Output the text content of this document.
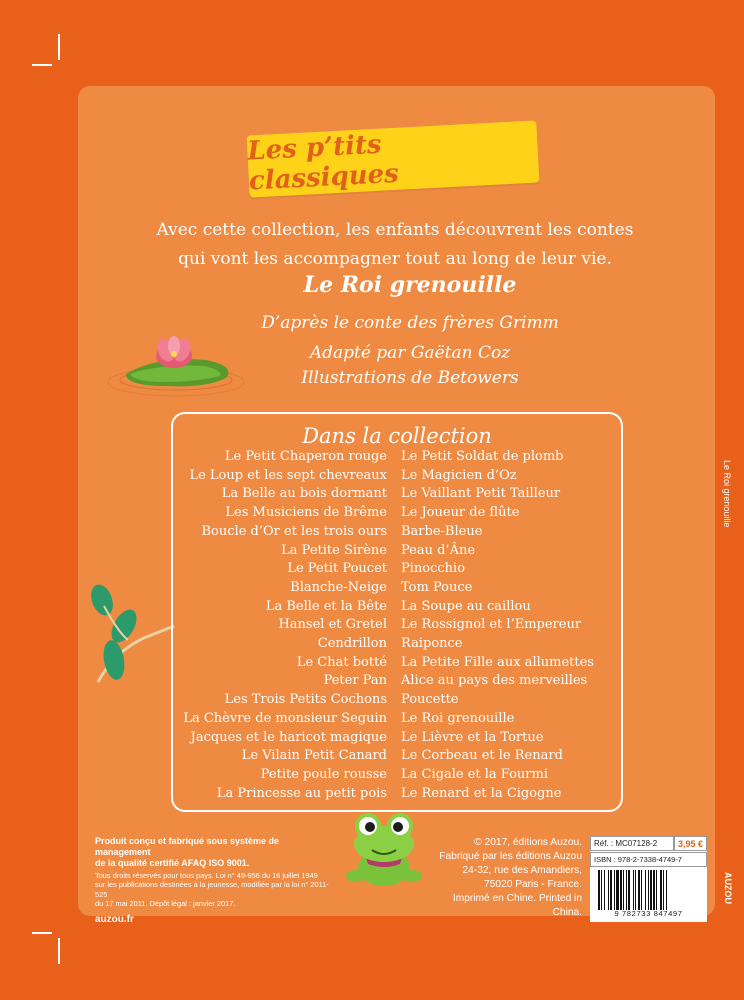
Les p’tits classiques
Avec cette collection, les enfants découvrent les contes
qui vont les accompagner tout au long de leur vie.
Le Roi grenouille
D’après le conte des frères Grimm
Adapté par Gaëtan Coz
Illustrations de Betowers
Dans la collection
Le Petit Chaperon rouge
Le Loup et les sept chevreaux
La Belle au bois dormant
Les Musiciens de Brême
Boucle d’Or et les trois ours
La Petite Sirène
Le Petit Poucet
Blanche-Neige
La Belle et la Bête
Hansel et Gretel
Cendrillon
Le Chat botté
Peter Pan
Les Trois Petits Cochons
La Chèvre de monsieur Seguin
Jacques et le haricot magique
Le Vilain Petit Canard
Petite poule rousse
La Princesse au petit pois
Le Petit Soldat de plomb
Le Magicien d’Oz
Le Vaillant Petit Tailleur
Le Joueur de flûte
Barbe-Bleue
Peau d’Âne
Pinocchio
Tom Pouce
La Soupe au caillou
Le Rossignol et l’Empereur
Raiponce
La Petite Fille aux allumettes
Alice au pays des merveilles
Poucette
Le Roi grenouille
Le Lièvre et la Tortue
Le Corbeau et le Renard
La Cigale et la Fourmi
Le Renard et la Cigogne
Produit conçu et fabriqué sous système de management
de la qualité certifié AFAQ ISO 9001.
Tous droits réservés pour tous pays. Loi n° 49-956 du 16 juillet 1949
sur les publications destinées à la jeunesse, modifiée par la loi n° 2011-525
du 17 mai 2011. Dépôt légal : janvier 2017.
auzou.fr
© 2017, éditions Auzou.
Fabriqué par les éditions Auzou
24-32, rue des Amandiers,
75020 Paris - France.
Imprimé en Chine. Printed in China.
Réf. : MC07128-2	3,95 €
ISBN : 978-2-7338-4749-7
9 782733 847497
Le Roi grenouille
AUZOU
